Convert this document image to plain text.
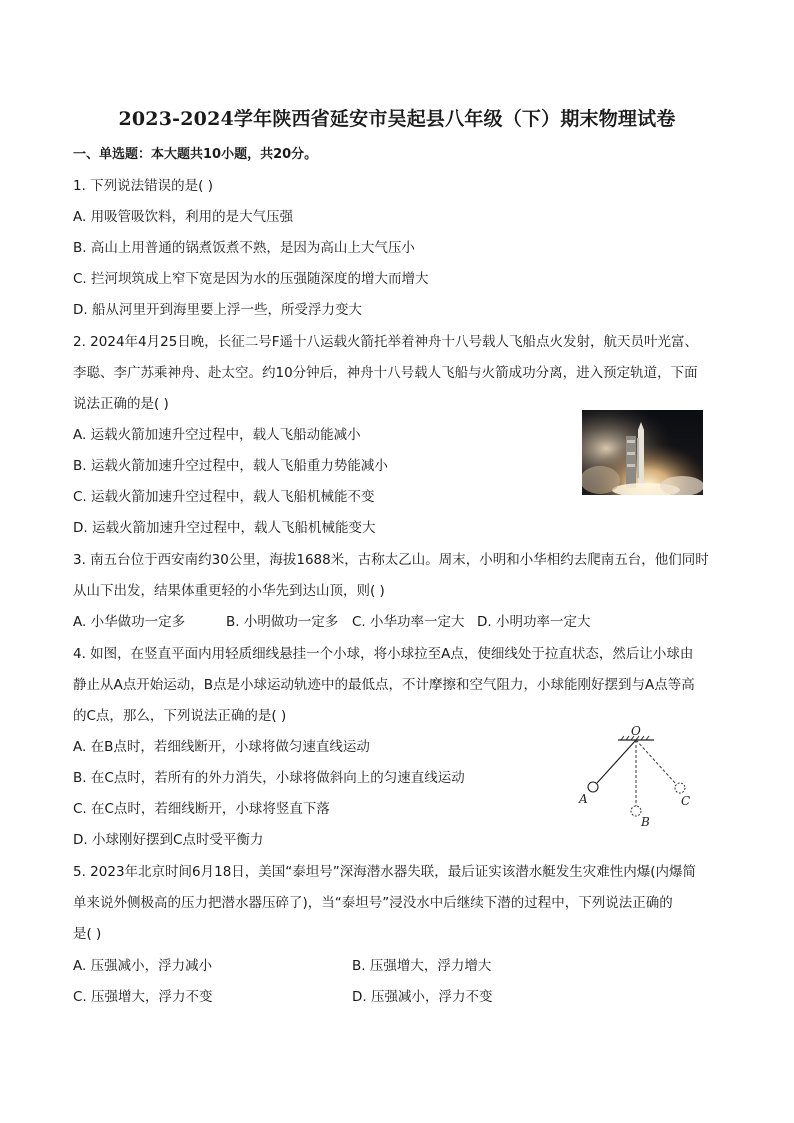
2023-2024学年陕西省延安市吴起县八年级（下）期末物理试卷
一、单选题：本大题共10小题，共20分。
1. 下列说法错误的是( )
A. 用吸管吸饮料，利用的是大气压强
B. 高山上用普通的锅煮饭煮不熟，是因为高山上大气压小
C. 拦河坝筑成上窄下宽是因为水的压强随深度的增大而增大
D. 船从河里开到海里要上浮一些，所受浮力变大
2. 2024年4月25日晚，长征二号F遥十八运载火箭托举着神舟十八号载人飞船点火发射，航天员叶光富、
李聪、李广苏乘神舟、赴太空。约10分钟后，神舟十八号载人飞船与火箭成功分离，进入预定轨道，下面
说法正确的是( )
A. 运载火箭加速升空过程中，载人飞船动能减小
B. 运载火箭加速升空过程中，载人飞船重力势能减小
C. 运载火箭加速升空过程中，载人飞船机械能不变
D. 运载火箭加速升空过程中，载人飞船机械能变大
3. 南五台位于西安南约30公里，海拔1688米，古称太乙山。周末，小明和小华相约去爬南五台，他们同时
从山下出发，结果体重更轻的小华先到达山顶，则( )
A. 小华做功一定多	B. 小明做功一定多 C. 小华功率一定大 D. 小明功率一定大
4. 如图，在竖直平面内用轻质细线悬挂一个小球，将小球拉至A点，使细线处于拉直状态，然后让小球由
静止从A点开始运动，B点是小球运动轨迹中的最低点，不计摩擦和空气阻力，小球能刚好摆到与A点等高
的C点，那么，下列说法正确的是( )
A. 在B点时，若细线断开，小球将做匀速直线运动
B. 在C点时，若所有的外力消失，小球将做斜向上的匀速直线运动
C. 在C点时，若细线断开，小球将竖直下落
D. 小球刚好摆到C点时受平衡力
O
A
B
C
5. 2023年北京时间6月18日，美国“泰坦号”深海潜水器失联，最后证实该潜水艇发生灾难性内爆(内爆简
单来说外侧极高的压力把潜水器压碎了)，当“泰坦号”浸没水中后继续下潜的过程中，下列说法正确的
是( )
A. 压强减小，浮力减小	B. 压强增大，浮力增大
C. 压强增大，浮力不变	D. 压强减小，浮力不变
